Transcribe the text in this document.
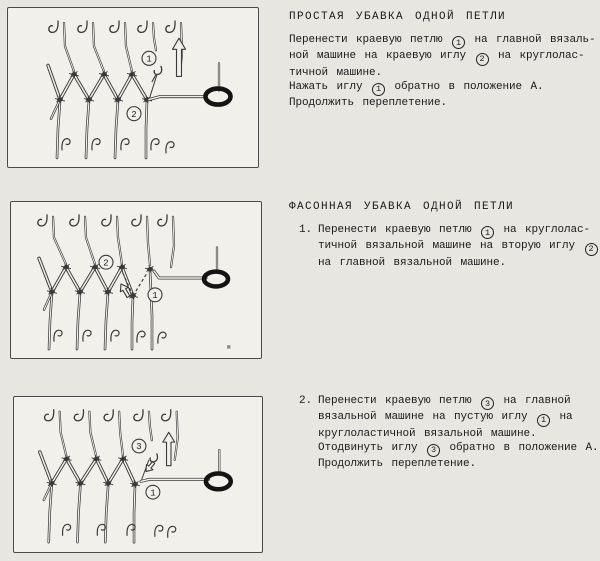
1
2
2
1
3
1
ПРОСТАЯ УБАВКА ОДНОЙ ПЕТЛИ
Перенести краевую петлю 1 на главной вязаль-
ной машине на краевую иглу 2 на круглолас-
тичной машине.
Нажать иглу 1 обратно в положение А.
Продолжить переплетение.
ФАСОННАЯ УБАВКА ОДНОЙ ПЕТЛИ
1. Перенести краевую петлю 1 на круглолас-
тичной вязальной машине на вторую иглу 2
на главной вязальной машине.
2. Перенести краевую петлю 3 на главной
вязальной машине на пустую иглу 1 на
круглоластичной вязальной машине.
Отодвинуть иглу 3 обратно в положение А.
Продолжить переплетение.
